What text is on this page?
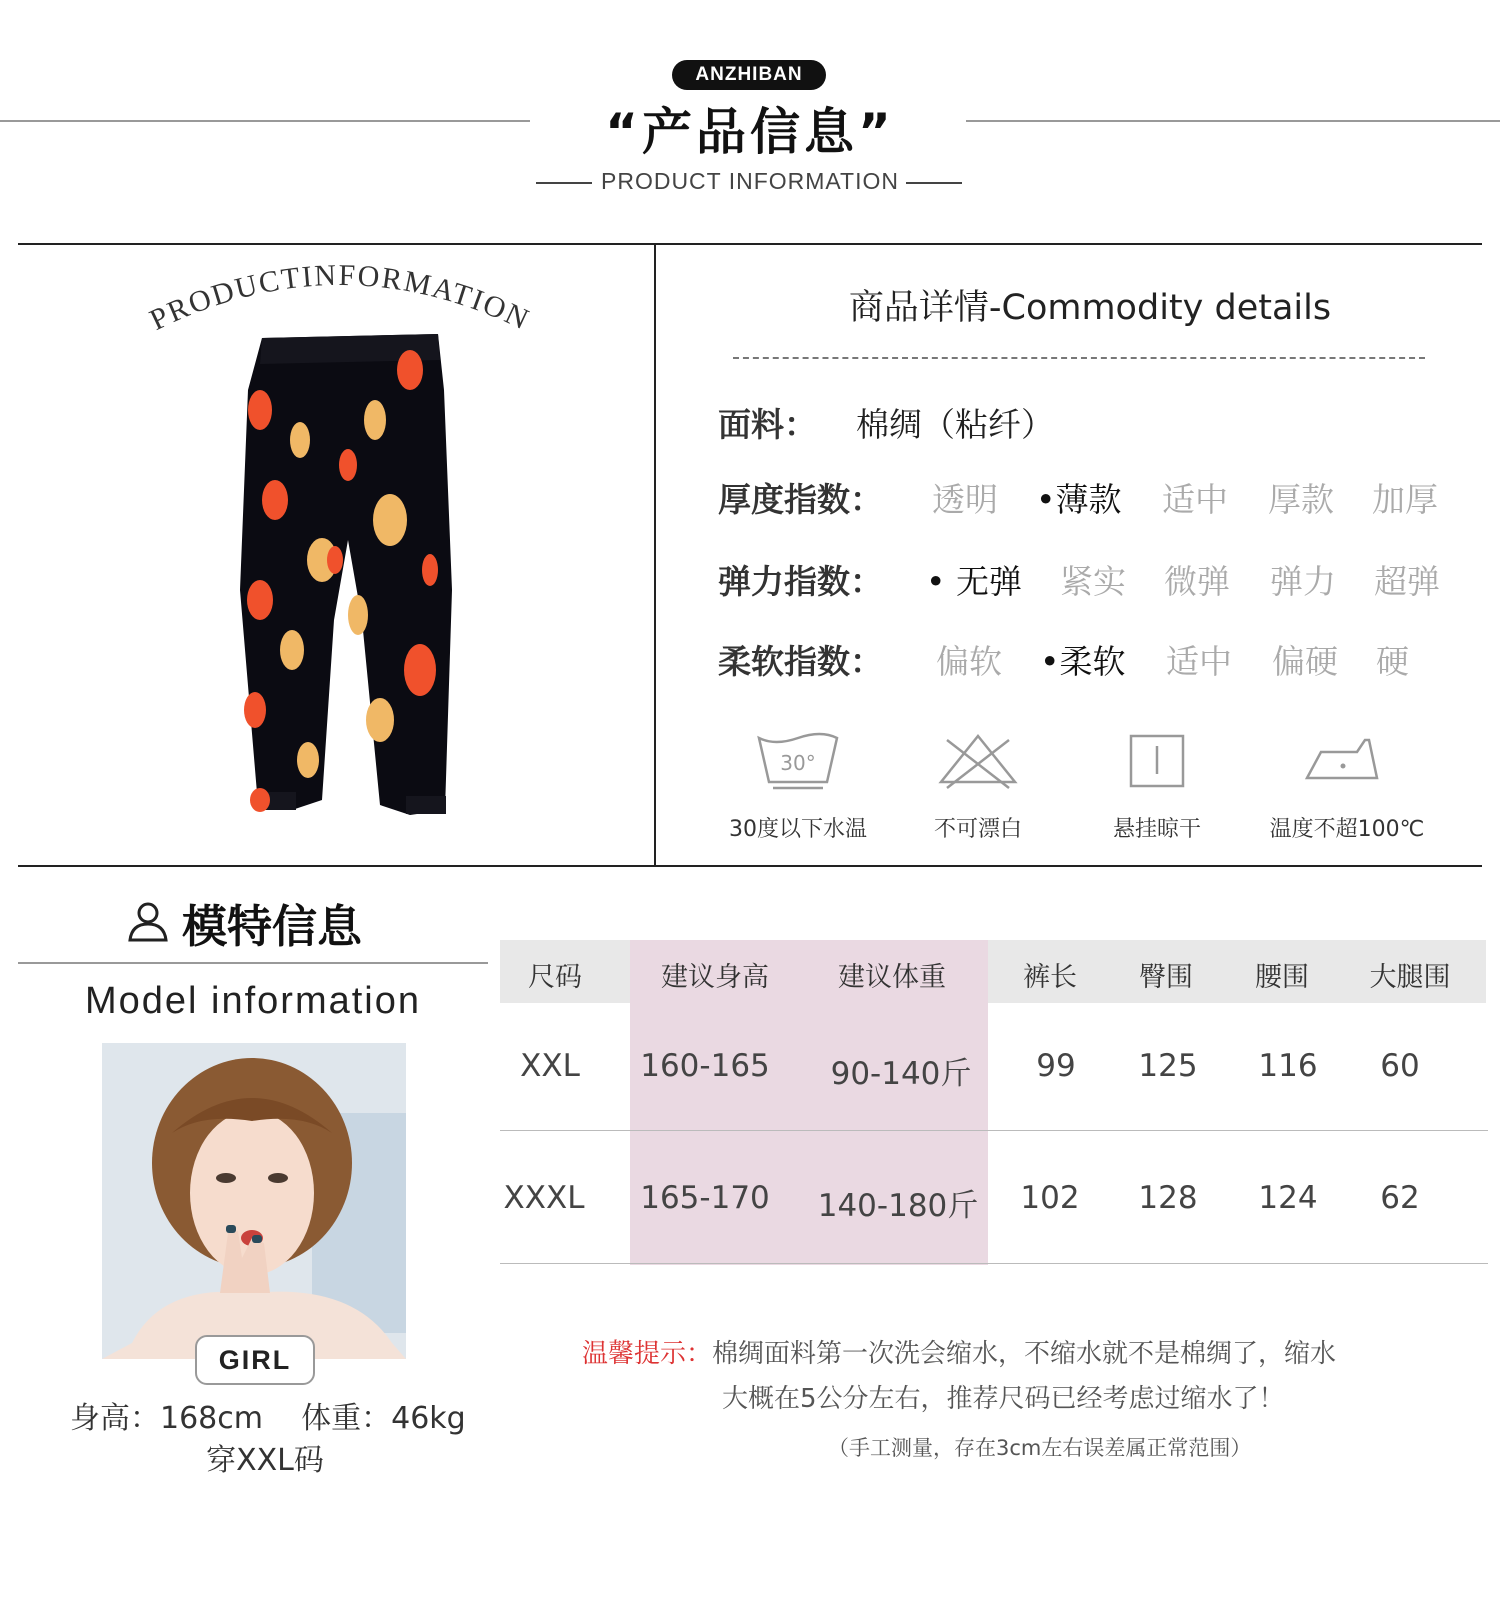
ANZHIBAN
“产品信息”
PRODUCT INFORMATION
PRODUCTINFORMATION	商品详情-Commodity details
面料： 棉绸（粘纤）
厚度指数： 透明 •薄款 适中 厚款 加厚
弹力指数： • 无弹 紧实 微弹 弹力 超弹
柔软指数： 偏软 •柔软 适中 偏硬 硬
30°
30度以下水温	不可漂白	悬挂晾干	温度不超100℃
模特信息
Model information
GIRL
身高：168cm    体重：46kg
穿XXL码
尺码	建议身高	建议体重	裤长	臀围	腰围	大腿围
XXL	160-165	90-140斤	99	125	116	60
XXXL	165-170	140-180斤	102	128	124	62
温馨提示：棉绸面料第一次洗会缩水，不缩水就不是棉绸了，缩水
大概在5公分左右，推荐尺码已经考虑过缩水了！
（手工测量，存在3cm左右误差属正常范围）
